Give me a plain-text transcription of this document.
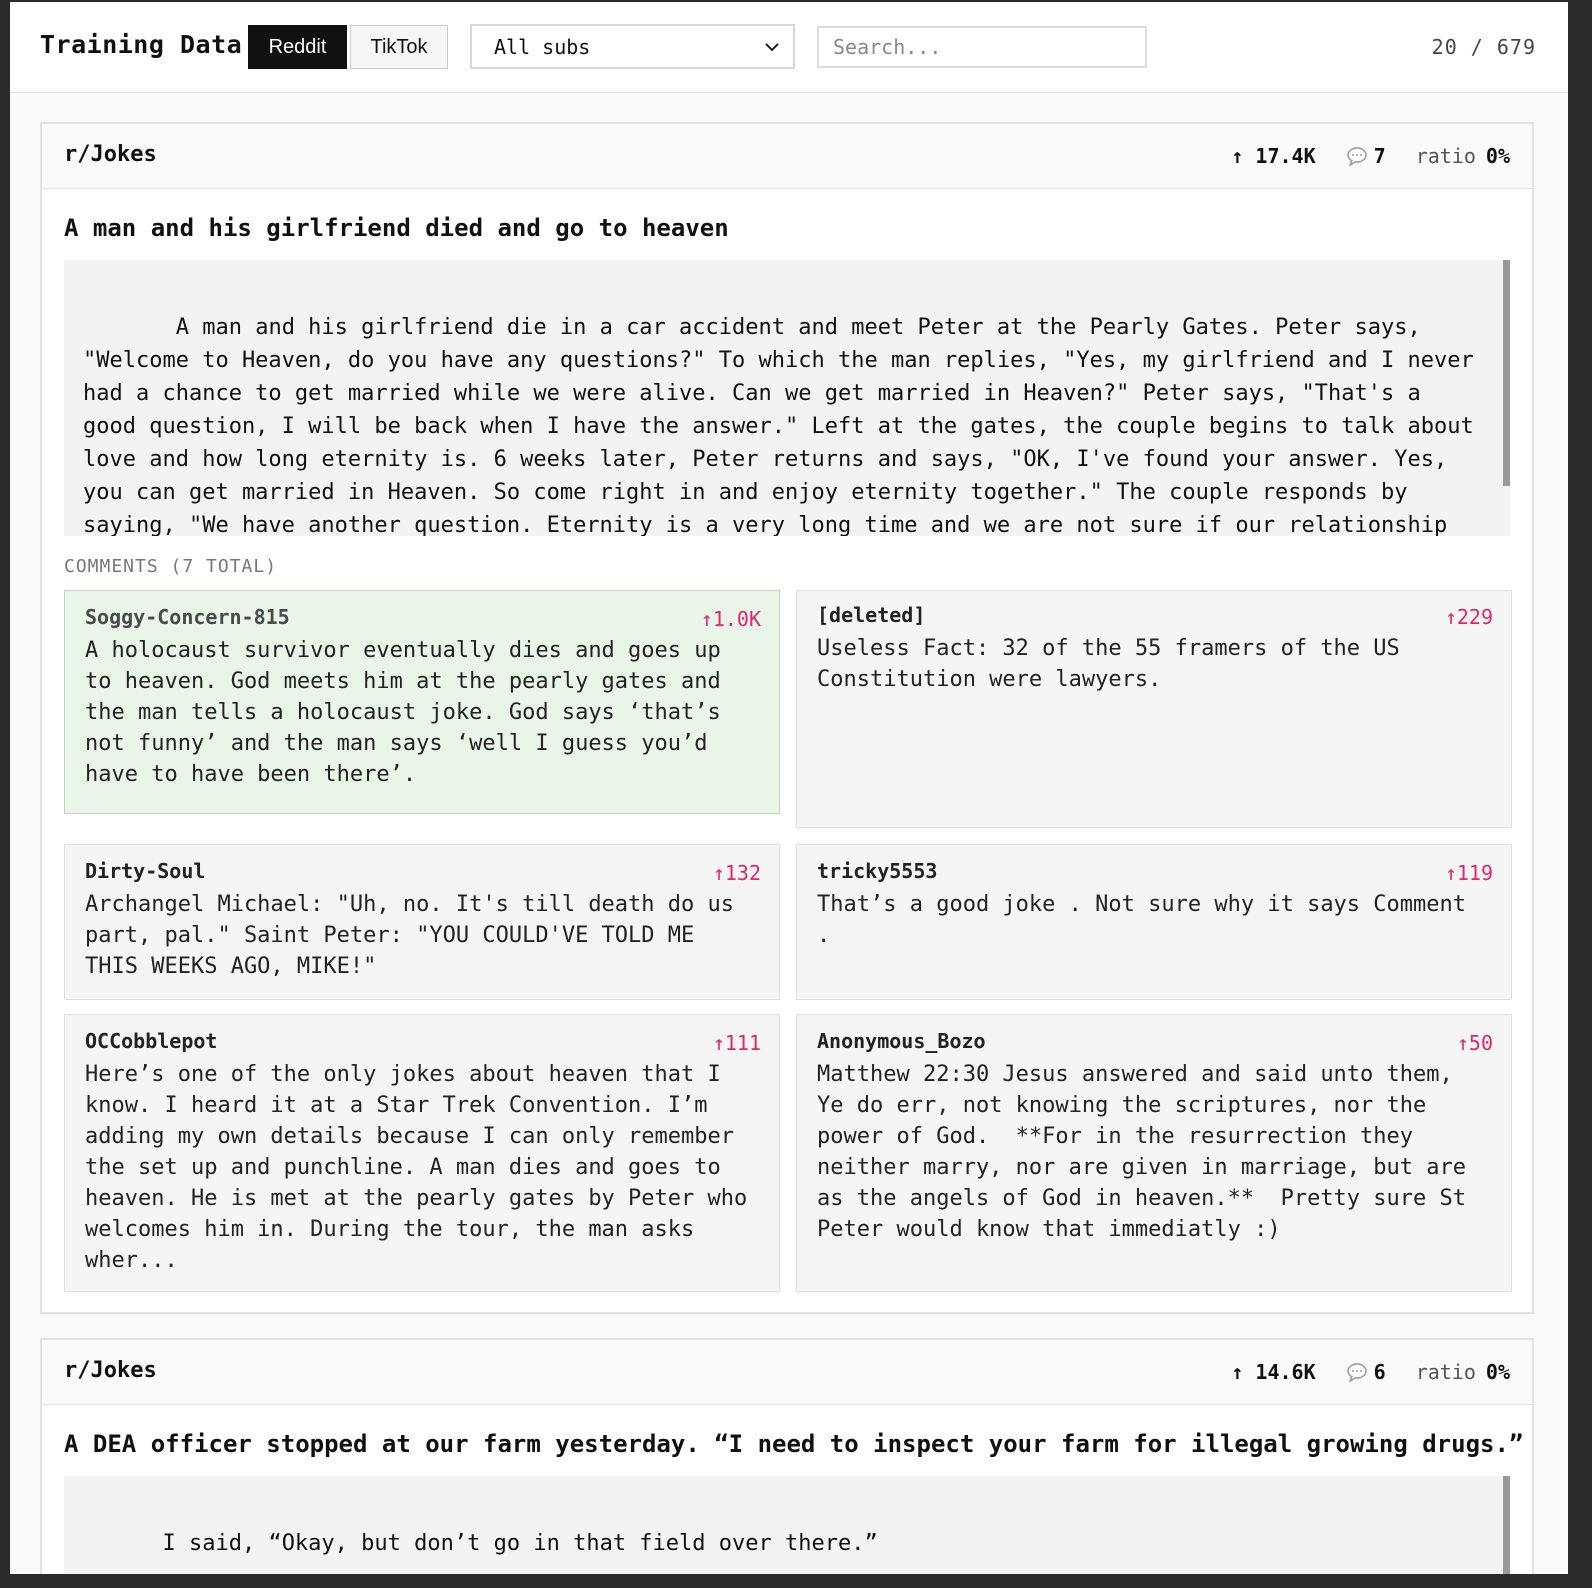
Training Data	Reddit	TikTok	All subs
Search...	20 / 679
r/Jokes	↑ 17.4K	7 ratio 0%
A man and his girlfriend died and go to heaven

A man and his girlfriend die in a car accident and meet Peter at the Pearly Gates. Peter says, "Welcome to Heaven, do you have any questions?" To which the man replies, "Yes, my girlfriend and I never had a chance to get married while we were alive. Can we get married in Heaven?" Peter says, "That's a good question, I will be back when I have the answer." Left at the gates, the couple begins to talk about love and how long eternity is. 6 weeks later, Peter returns and says, "OK, I've found your answer. Yes, you can get married in Heaven. So come right in and enjoy eternity together." The couple responds by saying, "We have another question. Eternity is a very long time and we are not sure if our relationship

COMMENTS (7 TOTAL)
Soggy-Concern-815	↑1.0K
A holocaust survivor eventually dies and goes up to heaven. God meets him at the pearly gates and the man tells a holocaust joke. God says ‘that’s not funny’ and the man says ‘well I guess you’d have to have been there’.
[deleted]	↑229
Useless Fact: 32 of the 55 framers of the US Constitution were lawyers.
Dirty-Soul	↑132
Archangel Michael: "Uh, no. It's till death do us part, pal." Saint Peter: "YOU COULD'VE TOLD ME THIS WEEKS AGO, MIKE!"
tricky5553	↑119
That’s a good joke . Not sure why it says Comment .
OCCobblepot	↑111
Here’s one of the only jokes about heaven that I know. I heard it at a Star Trek Convention. I’m adding my own details because I can only remember the set up and punchline. A man dies and goes to heaven. He is met at the pearly gates by Peter who welcomes him in. During the tour, the man asks wher...
Anonymous_Bozo	↑50
Matthew 22:30 Jesus answered and said unto them, Ye do err, not knowing the scriptures, nor the power of God.  **For in the resurrection they neither marry, nor are given in marriage, but are as the angels of God in heaven.**  Pretty sure St Peter would know that immediatly :)
r/Jokes	↑ 14.6K	6 ratio 0%
A DEA officer stopped at our farm yesterday. “I need to inspect your farm for illegal growing drugs.”

I said, “Okay, but don’t go in that field over there.”
